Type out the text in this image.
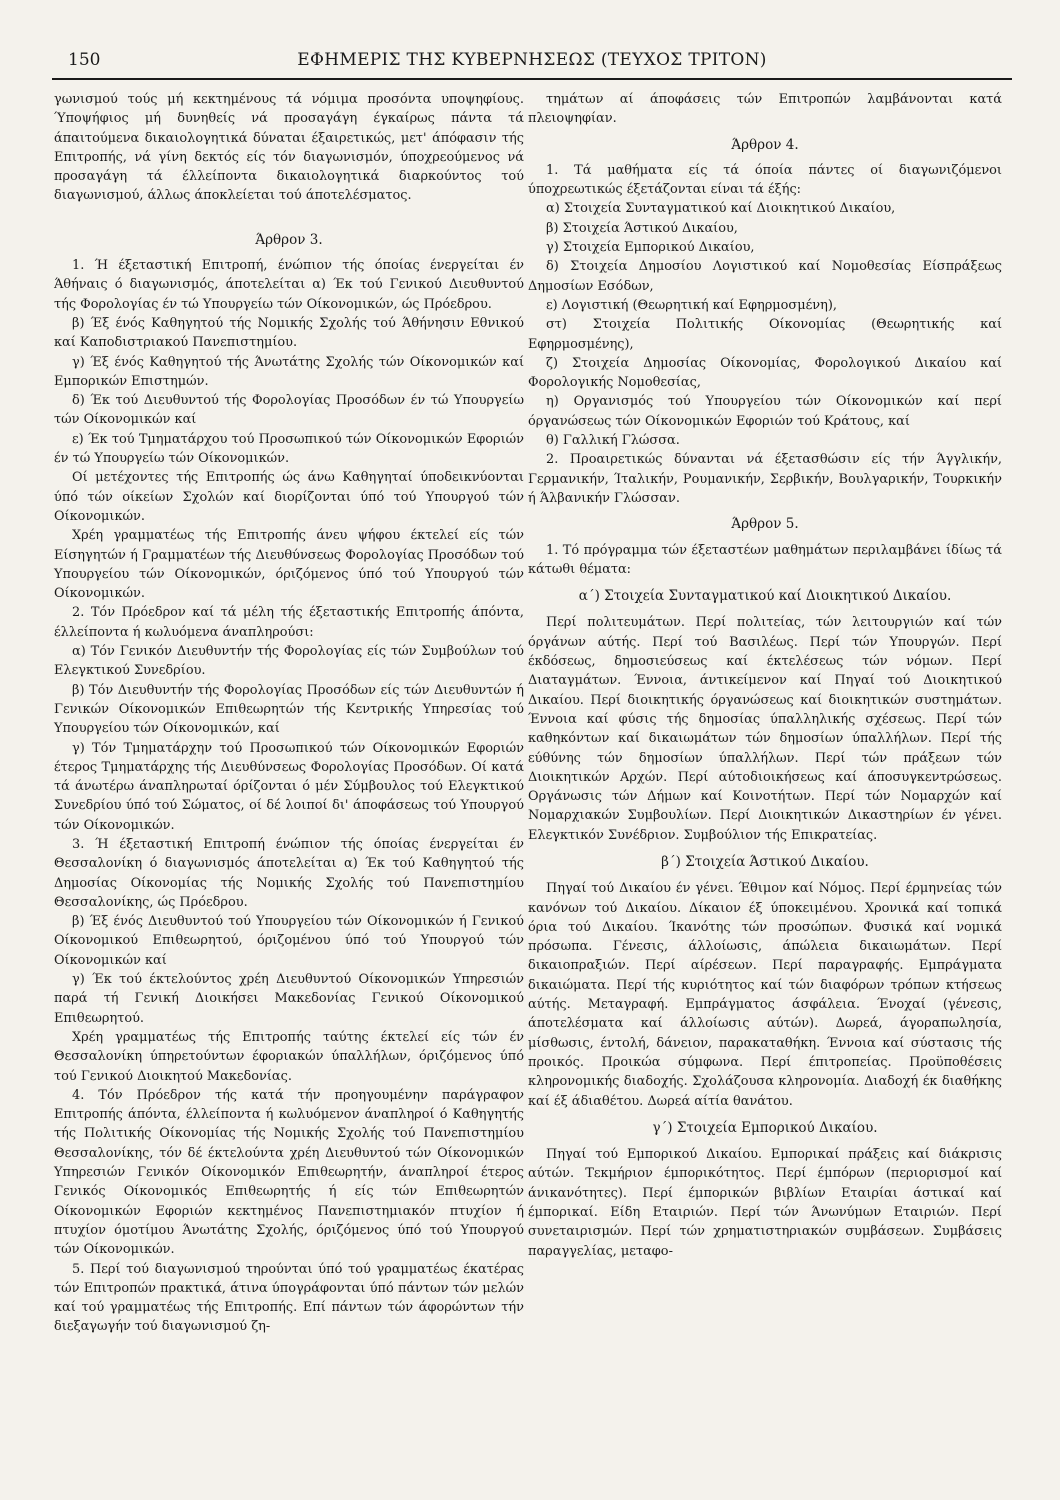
150	ΕΦΗΜΕΡΙΣ ΤΗΣ ΚΥΒΕΡΝΗΣΕΩΣ (ΤΕΥΧΟΣ ΤΡΙΤΟΝ)

γωνισμού τούς μή κεκτημένους τά νόμιμα προσόντα υποψηφίους. Ύποψήφιος μή δυνηθείς νά προσαγάγη έγκαίρως πάντα τά άπαιτούμενα δικαιολογητικά δύναται έξαιρετικώς, μετ' άπόφασιν τής Επιτροπής, νά γίνη δεκτός είς τόν διαγωνισμόν, ύποχρεούμενος νά προσαγάγη τά έλλείποντα δικαιολογητικά διαρκούντος τού διαγωνισμού, άλλως άποκλείεται τού άποτελέσματος.

Άρθρον 3.

1. Ή έξεταστική Επιτροπή, ένώπιον τής όποίας ένεργείται έν Άθήναις ό διαγωνισμός, άποτελείται α) Έκ τού Γενικού Διευθυντού τής Φορολογίας έν τώ Υπουργείω τών Οίκονομικών, ώς Πρόεδρου.

β) Έξ ένός Καθηγητού τής Νομικής Σχολής τού Άθήνησιν Εθνικού καί Καποδιστριακού Πανεπιστημίου.

γ) Έξ ένός Καθηγητού τής Άνωτάτης Σχολής τών Οίκονομικών καί Εμπορικών Επιστημών.

δ) Έκ τού Διευθυντού τής Φορολογίας Προσόδων έν τώ Υπουργείω τών Οίκονομικών καί

ε) Έκ τού Τμηματάρχου τού Προσωπικού τών Οίκονομικών Εφοριών έν τώ Υπουργείω τών Οίκονομικών.

Οί μετέχοντες τής Επιτροπής ώς άνω Καθηγηταί ύποδεικνύονται ύπό τών οίκείων Σχολών καί διορίζονται ύπό τού Υπουργού τών Οίκονομικών.

Χρέη γραμματέως τής Επιτροπής άνευ ψήφου έκτελεί είς τών Είσηγητών ή Γραμματέων τής Διευθύνσεως Φορολογίας Προσόδων τού Υπουργείου τών Οίκονομικών, όριζόμενος ύπό τού Υπουργού τών Οίκονομικών.

2. Τόν Πρόεδρον καί τά μέλη τής έξεταστικής Επιτροπής άπόντα, έλλείποντα ή κωλυόμενα άναπληρούσι:

α) Τόν Γενικόν Διευθυντήν τής Φορολογίας είς τών Συμβούλων τού Ελεγκτικού Συνεδρίου.

β) Τόν Διευθυντήν τής Φορολογίας Προσόδων είς τών Διευθυντών ή Γενικών Οίκονομικών Επιθεωρητών τής Κεντρικής Υπηρεσίας τού Υπουργείου τών Οίκονομικών, καί

γ) Τόν Τμηματάρχην τού Προσωπικού τών Οίκονομικών Εφοριών έτερος Τμηματάρχης τής Διευθύνσεως Φορολογίας Προσόδων. Οί κατά τά άνωτέρω άναπληρωταί όρίζονται ό μέν Σύμβουλος τού Ελεγκτικού Συνεδρίου ύπό τού Σώματος, οί δέ λοιποί δι' άποφάσεως τού Υπουργού τών Οίκονομικών.

3. Ή έξεταστική Επιτροπή ένώπιον τής όποίας ένεργείται έν Θεσσαλονίκη ό διαγωνισμός άποτελείται α) Έκ τού Καθηγητού τής Δημοσίας Οίκονομίας τής Νομικής Σχολής τού Πανεπιστημίου Θεσσαλονίκης, ώς Πρόεδρου.

β) Έξ ένός Διευθυντού τού Υπουργείου τών Οίκονομικών ή Γενικού Οίκονομικού Επιθεωρητού, όριζομένου ύπό τού Υπουργού τών Οίκονομικών καί

γ) Έκ τού έκτελούντος χρέη Διευθυντού Οίκονομικών Υπηρεσιών παρά τή Γενική Διοικήσει Μακεδονίας Γενικού Οίκονομικού Επιθεωρητού.

Χρέη γραμματέως τής Επιτροπής ταύτης έκτελεί είς τών έν Θεσσαλονίκη ύπηρετούντων έφοριακών ύπαλλήλων, όριζόμενος ύπό τού Γενικού Διοικητού Μακεδονίας.

4. Τόν Πρόεδρον τής κατά τήν προηγουμένην παράγραφον Επιτροπής άπόντα, έλλείποντα ή κωλυόμενον άναπληροί ό Καθηγητής τής Πολιτικής Οίκονομίας τής Νομικής Σχολής τού Πανεπιστημίου Θεσσαλονίκης, τόν δέ έκτελούντα χρέη Διευθυντού τών Οίκονομικών Υπηρεσιών Γενικόν Οίκονομικόν Επιθεωρητήν, άναπληροί έτερος Γενικός Οίκονομικός Επιθεωρητής ή είς τών Επιθεωρητών Οίκονομικών Εφοριών κεκτημένος Πανεπιστημιακόν πτυχίον ή πτυχίον όμοτίμου Άνωτάτης Σχολής, όριζόμενος ύπό τού Υπουργού τών Οίκονομικών.

5. Περί τού διαγωνισμού τηρούνται ύπό τού γραμματέως έκατέρας τών Επιτροπών πρακτικά, άτινα ύπογράφονται ύπό πάντων τών μελών καί τού γραμματέως τής Επιτροπής. Επί πάντων τών άφορώντων τήν διεξαγωγήν τού διαγωνισμού ζη-

τημάτων αί άποφάσεις τών Επιτροπών λαμβάνονται κατά πλειοψηφίαν.

Άρθρον 4.

1. Τά μαθήματα είς τά όποία πάντες οί διαγωνιζόμενοι ύποχρεωτικώς έξετάζονται είναι τά έξής:

α) Στοιχεία Συνταγματικού καί Διοικητικού Δικαίου,

β) Στοιχεία Άστικού Δικαίου,

γ) Στοιχεία Εμπορικού Δικαίου,

δ) Στοιχεία Δημοσίου Λογιστικού καί Νομοθεσίας Είσπράξεως Δημοσίων Εσόδων,

ε) Λογιστική (Θεωρητική καί Εφηρμοσμένη),

στ) Στοιχεία Πολιτικής Οίκονομίας (Θεωρητικής καί Εφηρμοσμένης),

ζ) Στοιχεία Δημοσίας Οίκονομίας, Φορολογικού Δικαίου καί Φορολογικής Νομοθεσίας,

η) Οργανισμός τού Υπουργείου τών Οίκονομικών καί περί όργανώσεως τών Οίκονομικών Εφοριών τού Κράτους, καί

θ) Γαλλική Γλώσσα.

2. Προαιρετικώς δύνανται νά έξετασθώσιν είς τήν Άγγλικήν, Γερμανικήν, Ίταλικήν, Ρουμανικήν, Σερβικήν, Βουλγαρικήν, Τουρκικήν ή Άλβανικήν Γλώσσαν.

Άρθρον 5.

1. Τό πρόγραμμα τών έξεταστέων μαθημάτων περιλαμβάνει ίδίως τά κάτωθι θέματα:

α΄) Στοιχεία Συνταγματικού καί Διοικητικού Δικαίου.

Περί πολιτευμάτων. Περί πολιτείας, τών λειτουργιών καί τών όργάνων αύτής. Περί τού Βασιλέως. Περί τών Υπουργών. Περί έκδόσεως, δημοσιεύσεως καί έκτελέσεως τών νόμων. Περί Διαταγμάτων. Έννοια, άντικείμενον καί Πηγαί τού Διοικητικού Δικαίου. Περί διοικητικής όργανώσεως καί διοικητικών συστημάτων. Έννοια καί φύσις τής δημοσίας ύπαλληλικής σχέσεως. Περί τών καθηκόντων καί δικαιωμάτων τών δημοσίων ύπαλλήλων. Περί τής εύθύνης τών δημοσίων ύπαλλήλων. Περί τών πράξεων τών Διοικητικών Αρχών. Περί αύτοδιοικήσεως καί άποσυγκεντρώσεως. Οργάνωσις τών Δήμων καί Κοινοτήτων. Περί τών Νομαρχών καί Νομαρχιακών Συμβουλίων. Περί Διοικητικών Δικαστηρίων έν γένει. Ελεγκτικόν Συνέδριον. Συμβούλιον τής Επικρατείας.

β΄) Στοιχεία Άστικού Δικαίου.

Πηγαί τού Δικαίου έν γένει. Έθιμον καί Νόμος. Περί έρμηνείας τών κανόνων τού Δικαίου. Δίκαιον έξ ύποκειμένου. Χρονικά καί τοπικά όρια τού Δικαίου. Ίκανότης τών προσώπων. Φυσικά καί νομικά πρόσωπα. Γένεσις, άλλοίωσις, άπώλεια δικαιωμάτων. Περί δικαιοπραξιών. Περί αίρέσεων. Περί παραγραφής. Εμπράγματα δικαιώματα. Περί τής κυριότητος καί τών διαφόρων τρόπων κτήσεως αύτής. Μεταγραφή. Εμπράγματος άσφάλεια. Ένοχαί (γένεσις, άποτελέσματα καί άλλοίωσις αύτών). Δωρεά, άγοραπωλησία, μίσθωσις, έντολή, δάνειον, παρακαταθήκη. Έννοια καί σύστασις τής προικός. Προικώα σύμφωνα. Περί έπιτροπείας. Προϋποθέσεις κληρονομικής διαδοχής. Σχολάζουσα κληρονομία. Διαδοχή έκ διαθήκης καί έξ άδιαθέτου. Δωρεά αίτία θανάτου.

γ΄) Στοιχεία Εμπορικού Δικαίου.

Πηγαί τού Εμπορικού Δικαίου. Εμπορικαί πράξεις καί διάκρισις αύτών. Τεκμήριον έμπορικότητος. Περί έμπόρων (περιορισμοί καί άνικανότητες). Περί έμπορικών βιβλίων Εταιρίαι άστικαί καί έμπορικαί. Είδη Εταιριών. Περί τών Άνωνύμων Εταιριών. Περί συνεταιρισμών. Περί τών χρηματιστηριακών συμβάσεων. Συμβάσεις παραγγελίας, μεταφο-
